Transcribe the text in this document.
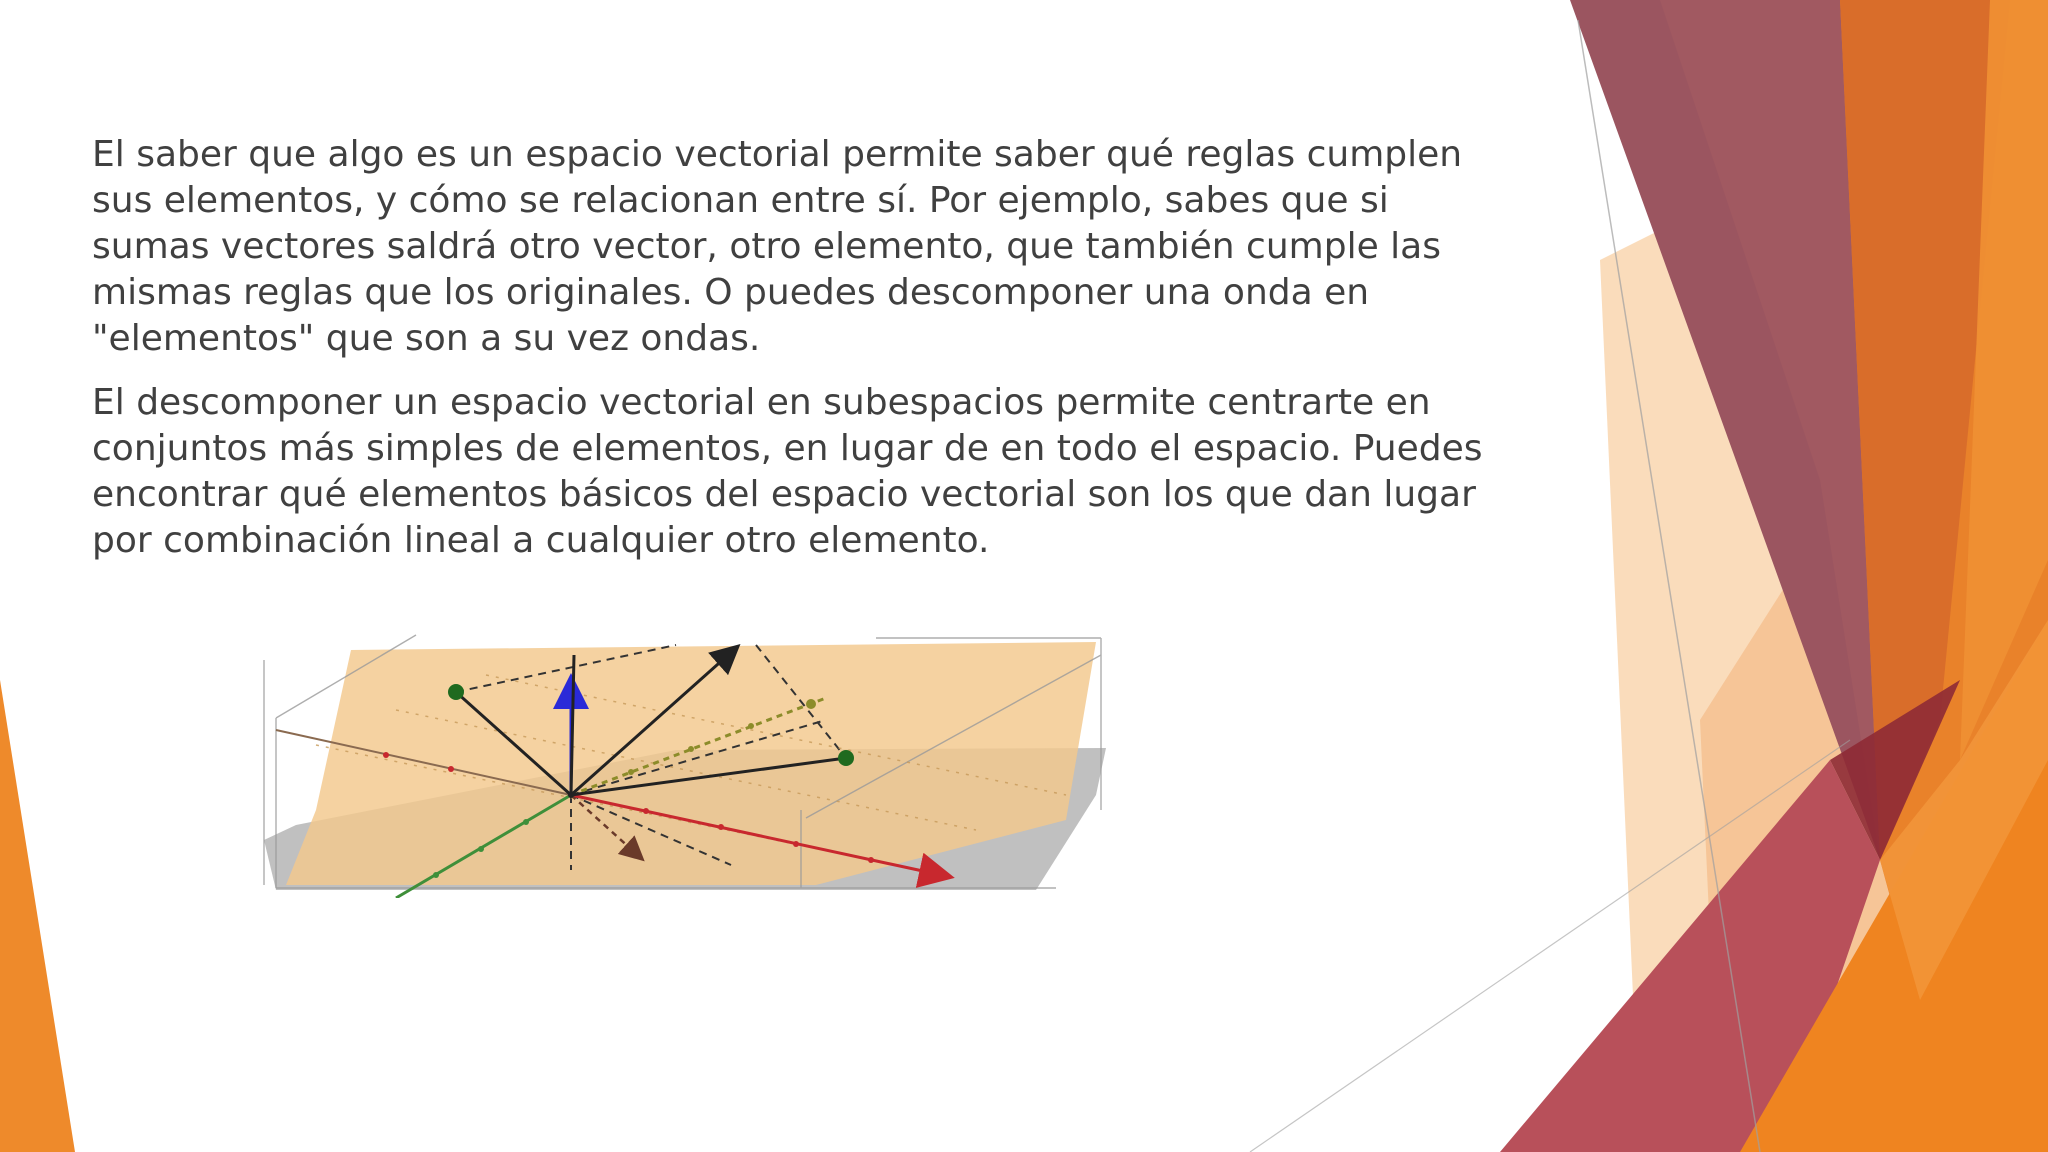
El saber que algo es un espacio vectorial permite saber qué reglas cumplen sus elementos, y cómo se relacionan entre sí. Por ejemplo, sabes que si sumas vectores saldrá otro vector, otro elemento, que también cumple las mismas reglas que los originales. O puedes descomponer una onda en "elementos" que son a su vez ondas.

El descomponer un espacio vectorial en subespacios permite centrarte en conjuntos más simples de elementos, en lugar de en todo el espacio. Puedes encontrar qué elementos básicos del espacio vectorial son los que dan lugar por combinación lineal a cualquier otro elemento.
